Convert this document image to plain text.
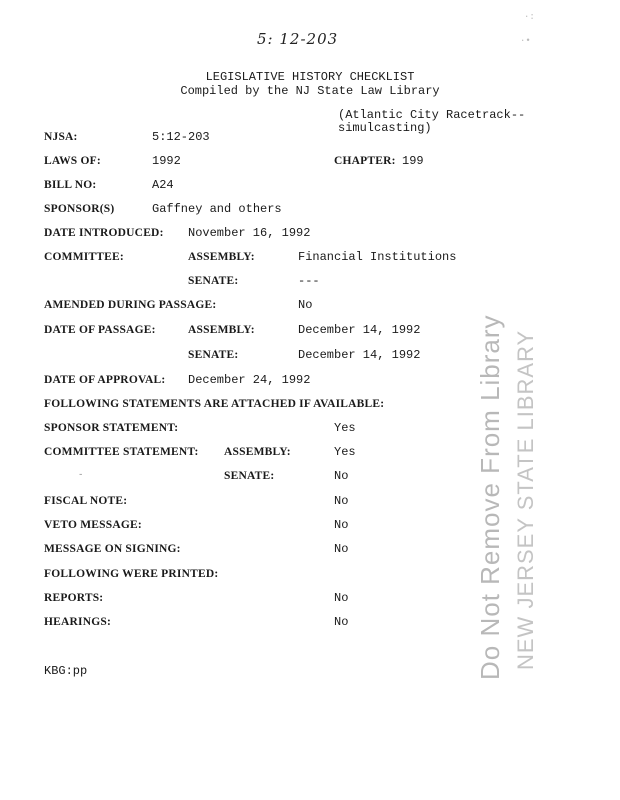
5: 12-203
LEGISLATIVE HISTORY CHECKLIST
Compiled by the NJ State Law Library
(Atlantic City Racetrack--
simulcasting)
NJSA:	5:12-203
LAWS OF:	1992	CHAPTER: 199
BILL NO:	A24
SPONSOR(S)	Gaffney and others
DATE INTRODUCED: November 16, 1992
COMMITTEE:	ASSEMBLY:	Financial Institutions
SENATE:	---
AMENDED DURING PASSAGE:	No
DATE OF PASSAGE:	ASSEMBLY:	December 14, 1992
SENATE:	December 14, 1992
DATE OF APPROVAL: December 24, 1992
FOLLOWING STATEMENTS ARE ATTACHED IF AVAILABLE:
SPONSOR STATEMENT:	Yes
COMMITTEE STATEMENT: ASSEMBLY:	Yes
SENATE:	No
FISCAL NOTE:	No
VETO MESSAGE:	No
MESSAGE ON SIGNING:	No
FOLLOWING WERE PRINTED:
REPORTS:	No
HEARINGS:	No
KBG:pp	Do Not Remove From Library NEW JERSEY STATE LIBRARY
·:
·•
-
